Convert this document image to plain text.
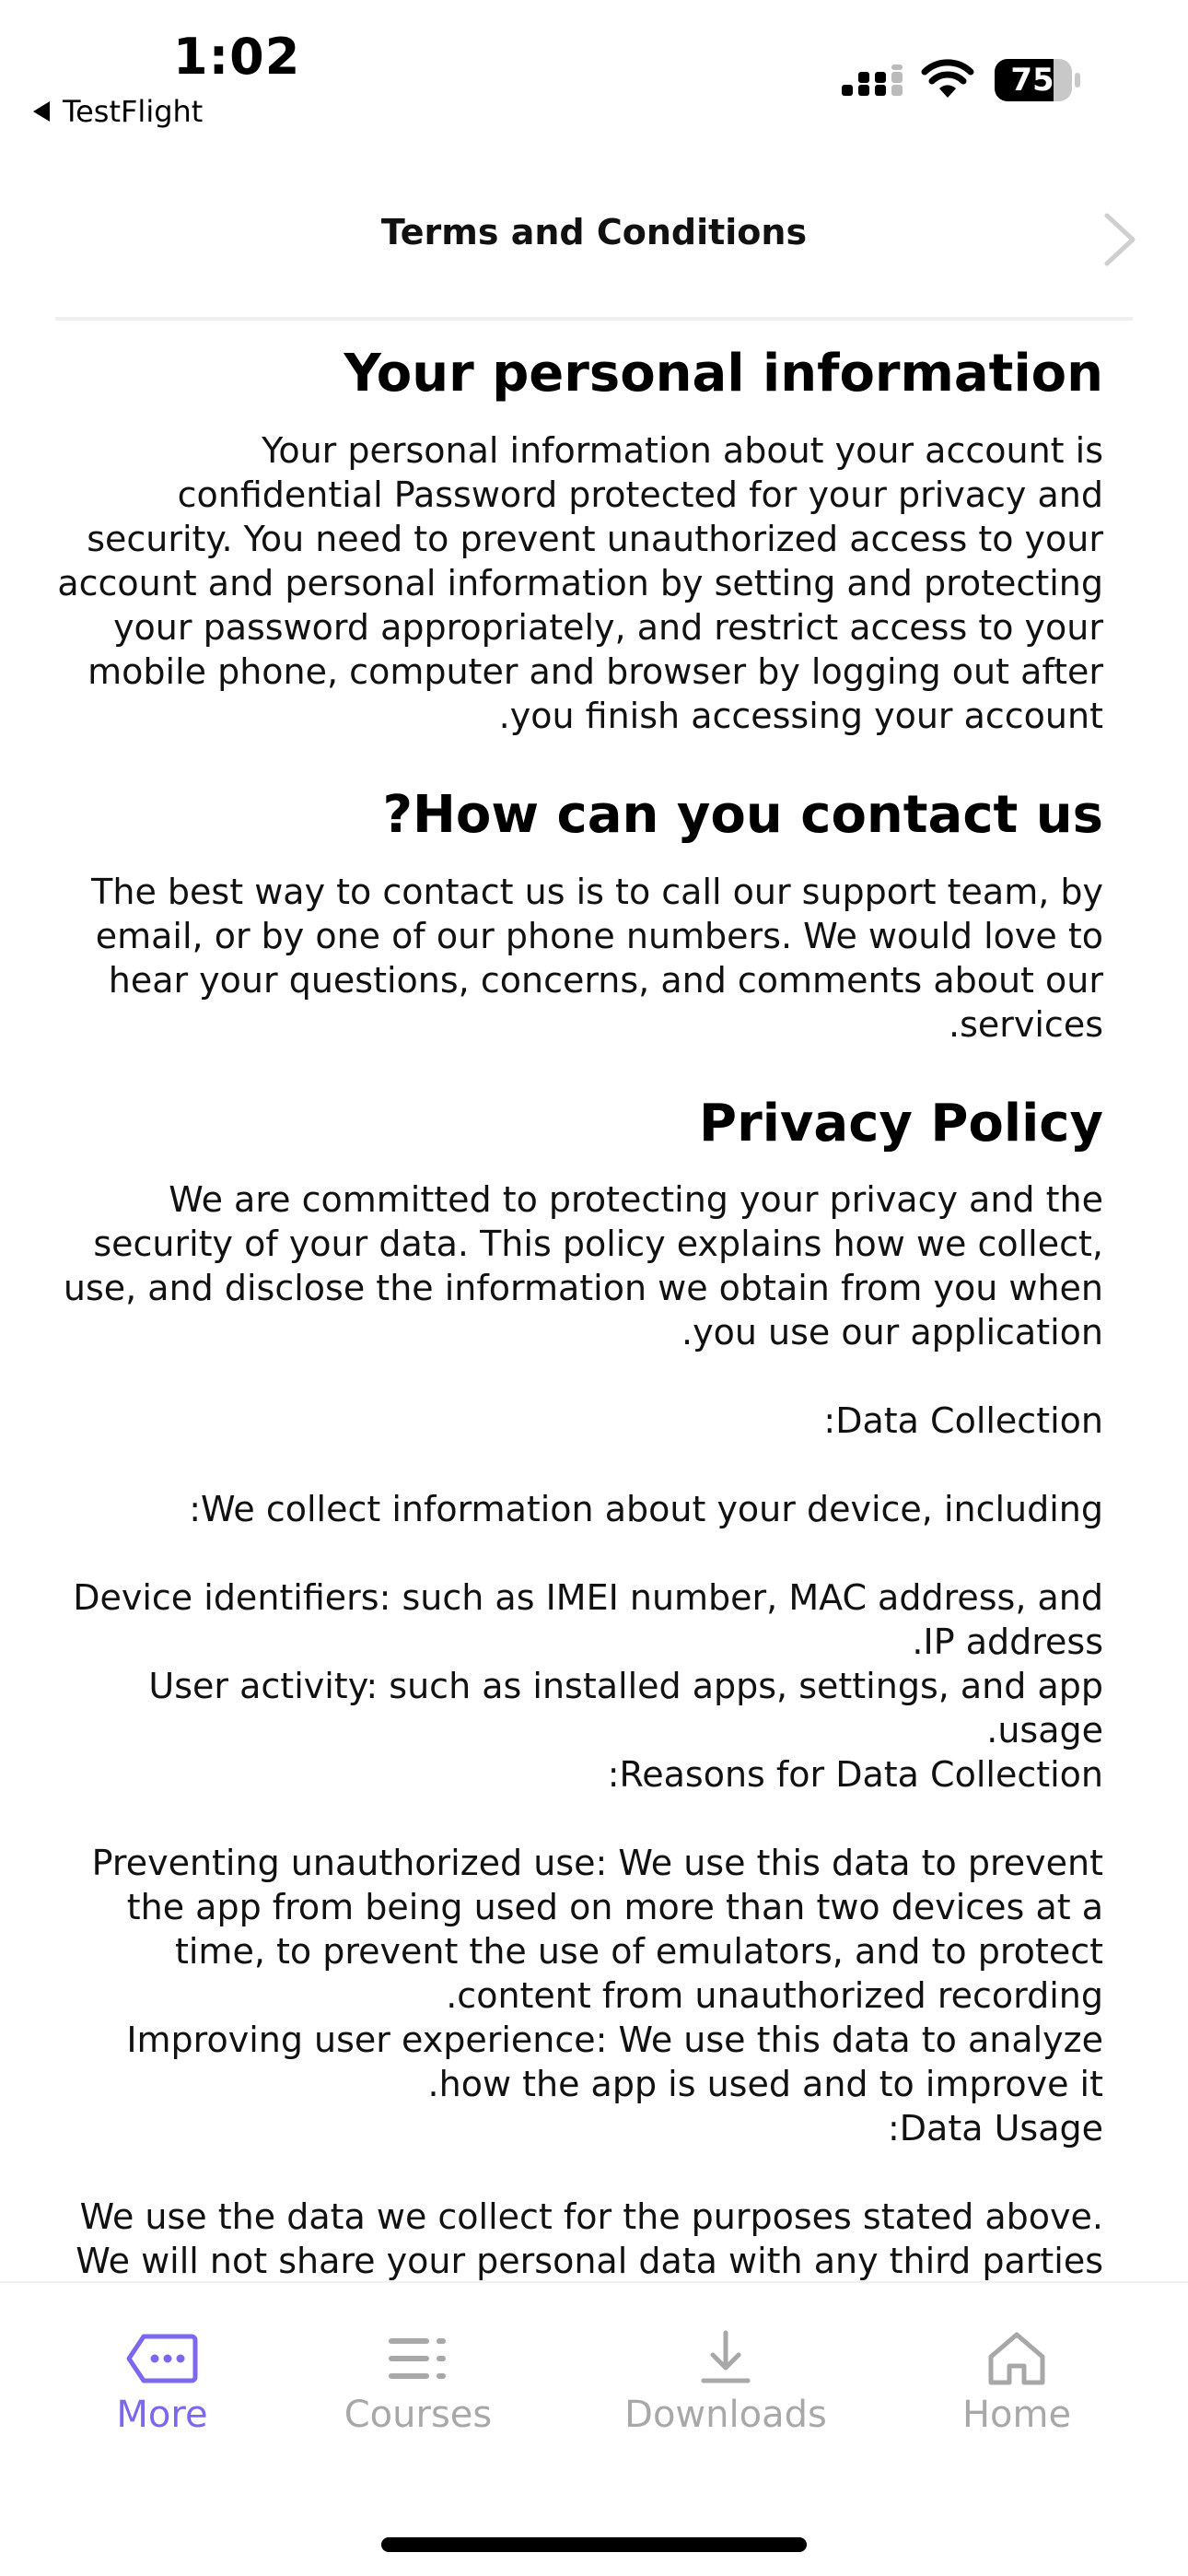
1:02
TestFlight
75
Terms and Conditions
Your personal information

Your personal information about your account is confidential Password protected for your privacy and security. You need to prevent unauthorized access to your account and personal information by setting and protecting your password appropriately, and restrict access to your mobile phone, computer and browser by logging out after you finish accessing your account.

How can you contact us?

The best way to contact us is to call our support team, by email, or by one of our phone numbers. We would love to hear your questions, concerns, and comments about our services.

Privacy Policy

We are committed to protecting your privacy and the security of your data. This policy explains how we collect, use, and disclose the information we obtain from you when you use our application.

Data Collection:

We collect information about your device, including:

Device identifiers: such as IMEI number, MAC address, and IP address.

User activity: such as installed apps, settings, and app usage.

Reasons for Data Collection:

Preventing unauthorized use: We use this data to prevent the app from being used on more than two devices at a time, to prevent the use of emulators, and to protect content from unauthorized recording.

Improving user experience: We use this data to analyze how the app is used and to improve it.

Data Usage:

We use the data we collect for the purposes stated above. We will not share your personal data with any third parties

More	Courses	Downloads	Home
